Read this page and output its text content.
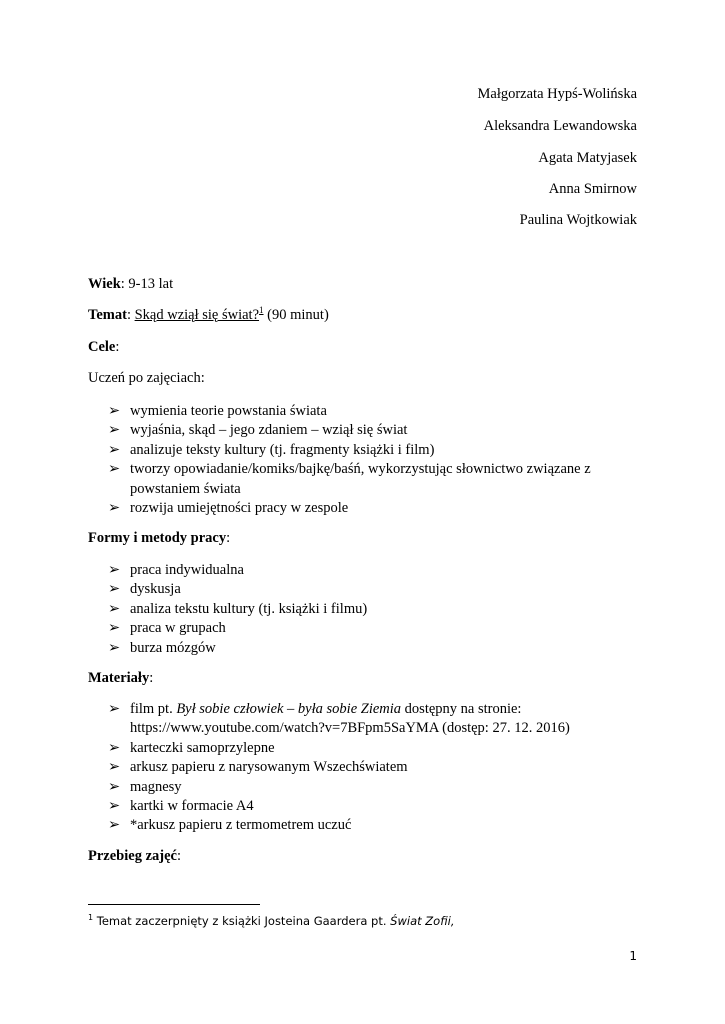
Małgorzata Hypś-Wolińska
Aleksandra Lewandowska
Agata Matyjasek
Anna Smirnow
Paulina Wojtkowiak
Wiek: 9-13 lat
Temat: Skąd wziął się świat?$^1$ (90 minut)
Cele:
Uczeń po zajęciach:
➢ wymienia teorie powstania świata
➢ wyjaśnia, skąd – jego zdaniem – wziął się świat
➢ analizuje teksty kultury (tj. fragmenty książki i film)
➢ tworzy opowiadanie/komiks/bajkę/baśń, wykorzystując słownictwo związane z powstaniem świata
➢ rozwija umiejętności pracy w zespole
Formy i metody pracy:
➢ praca indywidualna
➢ dyskusja
➢ analiza tekstu kultury (tj. książki i filmu)
➢ praca w grupach
➢ burza mózgów
Materiały:
➢ film pt. Był sobie człowiek – była sobie Ziemia dostępny na stronie:
https://www.youtube.com/watch?v=7BFpm5SaYMA (dostęp: 27. 12. 2016)
➢ karteczki samoprzylepne
➢ arkusz papieru z narysowanym Wszechświatem
➢ magnesy
➢ kartki w formacie A4
➢ *arkusz papieru z termometrem uczuć
Przebieg zajęć:
$^1$ Temat zaczerpnięty z książki Josteina Gaardera pt. Świat Zofii,
1
